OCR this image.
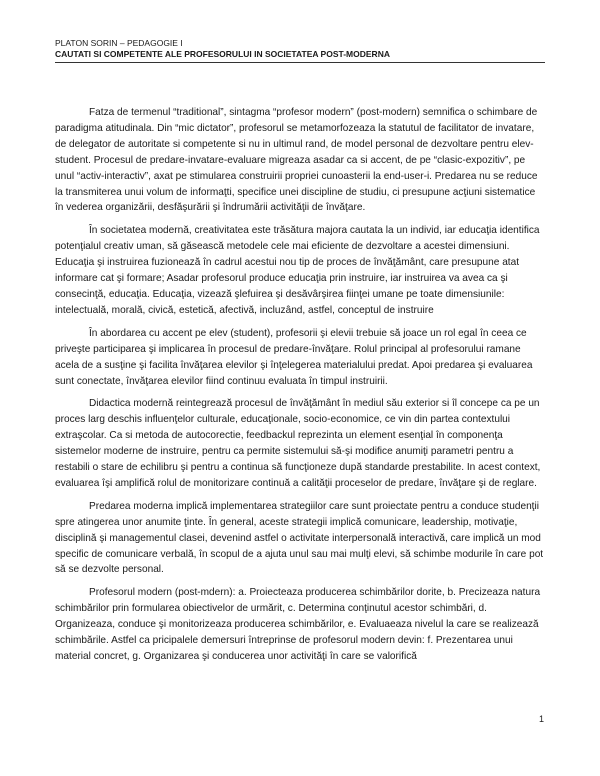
PLATON SORIN – PEDAGOGIE I
CAUTATI SI COMPETENTE ALE PROFESORULUI IN SOCIETATEA POST-MODERNA

Fatza de termenul “traditional”, sintagma “profesor modern” (post-modern) semnifica o schimbare de paradigma atitudinala. Din “mic dictator”, profesorul se metamorfozeaza la statutul de facilitator de invatare, de delegator de autoritate si competente si nu in ultimul rand, de model personal de dezvoltare pentru elev-student. Procesul de predare-invatare-evaluare migreaza asadar ca si accent, de pe “clasic-expozitiv”, pe unul “activ-interactiv”, axat pe stimularea construirii propriei cunoasterii la end-user-i. Predarea nu se reduce la transmiterea unui volum de informaţti, specifice unei discipline de studiu, ci presupune acţiuni sistematice în vederea organizării, desfăşurării şi îndrumării activităţii de învăţare.

În societatea modernă, creativitatea este trăsătura majora cautata la un individ, iar educaţia identifica potenţialul creativ uman, să găsească metodele cele mai eficiente de dezvoltare a acestei dimensiuni. Educaţia şi instruirea fuzionează în cadrul acestui nou tip de proces de învăţământ, care presupune atat informare cat şi formare; Asadar profesorul produce educaţia prin instruire, iar instruirea va avea ca şi consecinţă, educaţia. Educaţia, vizează şlefuirea şi desăvârşirea fiinţei umane pe toate dimensiunile: intelectuală, morală, civică, estetică, afectivă, incluzând, astfel, conceptul de instruire

În abordarea cu accent pe elev (student), profesorii şi elevii trebuie să joace un rol egal în ceea ce priveşte participarea şi implicarea în procesul de predare-învăţare. Rolul principal al profesorului ramane acela de a susţine şi facilita învăţarea elevilor şi înţelegerea materialului predat. Apoi predarea şi evaluarea sunt conectate, învăţarea elevilor fiind continuu evaluata în timpul instruirii.

Didactica modernă reintegrează procesul de învăţământ în mediul său exterior si îl concepe ca pe un proces larg deschis influenţelor culturale, educaţionale, socio-economice, ce vin din partea contextului extraşcolar. Ca si metoda de autocorectie, feedbackul reprezinta un element esenţial în componenţa sistemelor moderne de instruire, pentru ca permite sistemului să-şi modifice anumiţi parametri pentru a restabili o stare de echilibru şi pentru a continua să funcţioneze după standarde prestabilite. In acest context, evaluarea îşi amplifică rolul de monitorizare continuă a calităţii proceselor de predare, învăţare şi de reglare.

Predarea moderna implică implementarea strategiilor care sunt proiectate pentru a conduce studenţii spre atingerea unor anumite ţinte. În general, aceste strategii implică comunicare, leadership, motivaţie, disciplină şi managementul clasei, devenind astfel o activitate interpersonală interactivă, care implică un mod specific de comunicare verbală, în scopul de a ajuta unul sau mai mulţi elevi, să schimbe modurile în care pot să se dezvolte personal.

Profesorul modern (post-mdern): a. Proiecteaza producerea schimbărilor dorite, b. Precizeaza natura schimbărilor prin formularea obiectivelor de urmărit, c. Determina conţinutul acestor schimbări, d. Organizeaza, conduce şi monitorizeaza producerea schimbărilor, e. Evaluaeaza nivelul la care se realizează schimbările. Astfel ca pricipalele demersuri întreprinse de profesorul modern devin: f. Prezentarea unui material concret, g. Organizarea şi conducerea unor activităţi în care se valorifică

1
